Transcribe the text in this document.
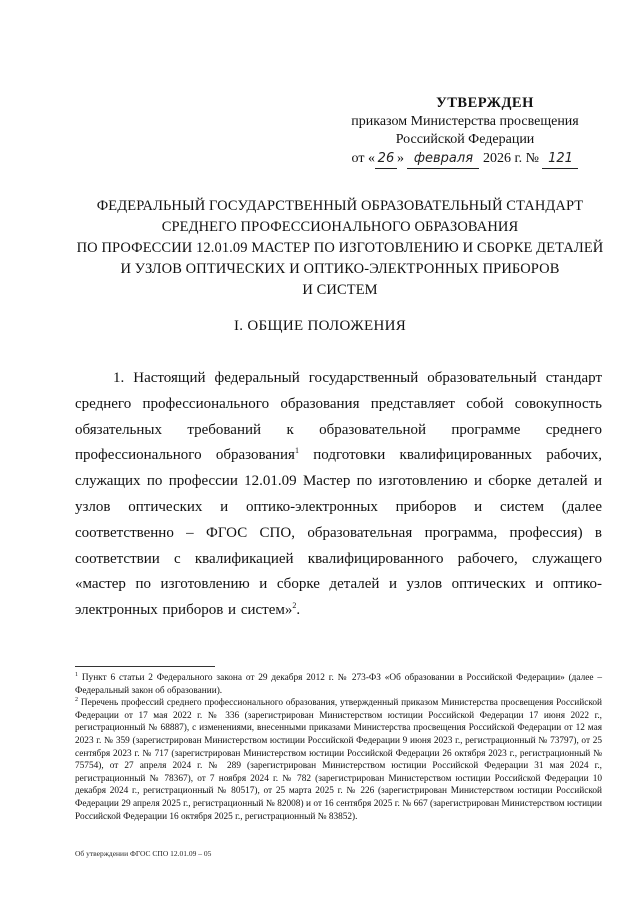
УТВЕРЖДЕН
приказом Министерства просвещения
Российской Федерации
от « 26 » февраля 2026 г. № 121
ФЕДЕРАЛЬНЫЙ ГОСУДАРСТВЕННЫЙ ОБРАЗОВАТЕЛЬНЫЙ СТАНДАРТ
СРЕДНЕГО ПРОФЕССИОНАЛЬНОГО ОБРАЗОВАНИЯ
ПО ПРОФЕССИИ 12.01.09 МАСТЕР ПО ИЗГОТОВЛЕНИЮ И СБОРКЕ ДЕТАЛЕЙ
И УЗЛОВ ОПТИЧЕСКИХ И ОПТИКО-ЭЛЕКТРОННЫХ ПРИБОРОВ
И СИСТЕМ
I. ОБЩИЕ ПОЛОЖЕНИЯ
1. Настоящий федеральный государственный образовательный стандарт среднего профессионального образования представляет собой совокупность обязательных требований к образовательной программе среднего профессионального образования$^1$ подготовки квалифицированных рабочих, служащих по профессии 12.01.09 Мастер по изготовлению и сборке деталей и узлов оптических и оптико-электронных приборов и систем (далее соответственно – ФГОС СПО, образовательная программа, профессия) в соответствии с квалификацией квалифицированного рабочего, служащего «мастер по изготовлению и сборке деталей и узлов оптических и оптико-электронных приборов и систем»$^2$.

$^1$ Пункт 6 статьи 2 Федерального закона от 29 декабря 2012 г. № 273-ФЗ «Об образовании в Российской Федерации» (далее – Федеральный закон об образовании).

$^2$ Перечень профессий среднего профессионального образования, утвержденный приказом Министерства просвещения Российской Федерации от 17 мая 2022 г. № 336 (зарегистрирован Министерством юстиции Российской Федерации 17 июня 2022 г., регистрационный № 68887), с изменениями, внесенными приказами Министерства просвещения Российской Федерации от 12 мая 2023 г. № 359 (зарегистрирован Министерством юстиции Российской Федерации 9 июня 2023 г., регистрационный № 73797), от 25 сентября 2023 г. № 717 (зарегистрирован Министерством юстиции Российской Федерации 26 октября 2023 г., регистрационный № 75754), от 27 апреля 2024 г. № 289 (зарегистрирован Министерством юстиции Российской Федерации 31 мая 2024 г., регистрационный № 78367), от 7 ноября 2024 г. № 782 (зарегистрирован Министерством юстиции Российской Федерации 10 декабря 2024 г., регистрационный № 80517), от 25 марта 2025 г. № 226 (зарегистрирован Министерством юстиции Российской Федерации 29 апреля 2025 г., регистрационный № 82008) и от 16 сентября 2025 г. № 667 (зарегистрирован Министерством юстиции Российской Федерации 16 октября 2025 г., регистрационный № 83852).

Об утверждении ФГОС СПО 12.01.09 – 05
